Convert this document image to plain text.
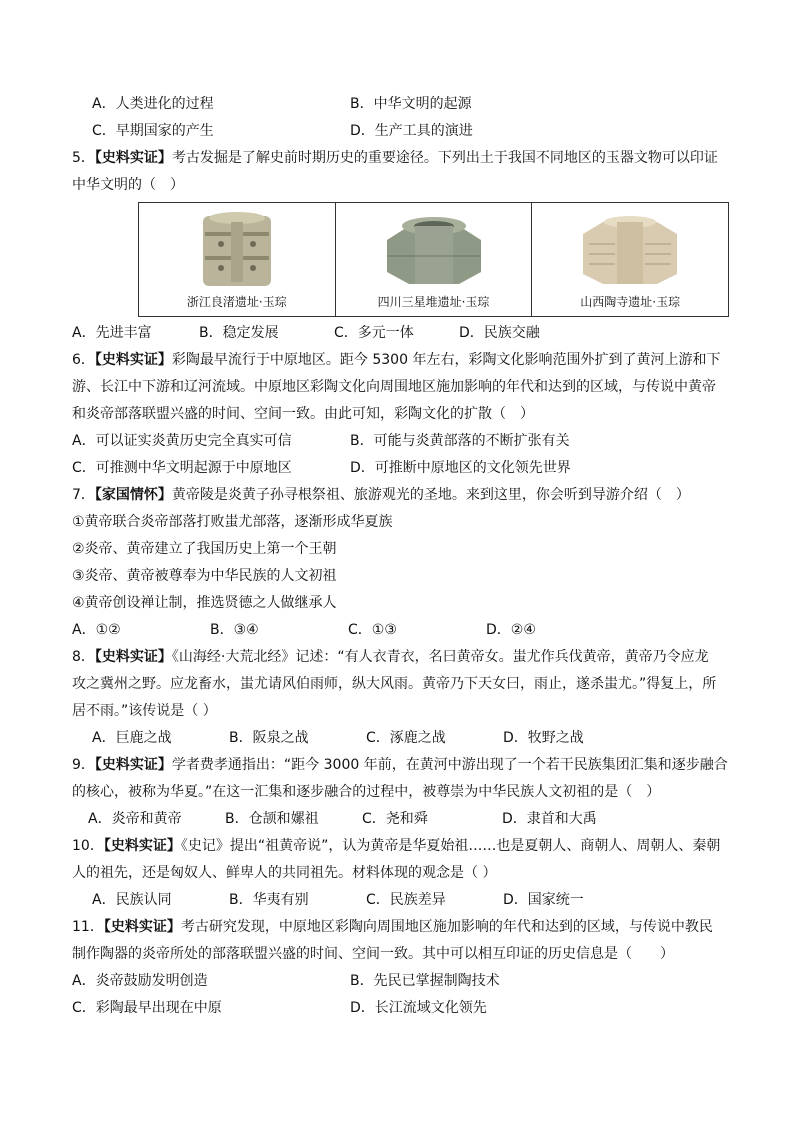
A．人类进化的过程	B．中华文明的起源
C．早期国家的产生	D．生产工具的演进
5．【史料实证】考古发掘是了解史前时期历史的重要途径。下列出土于我国不同地区的玉器文物可以印证
中华文明的（　）
浙江良渚遗址·玉琮	四川三星堆遗址·玉琮	山西陶寺遗址·玉琮
A．先进丰富	B．稳定发展	C．多元一体	D．民族交融
6．【史料实证】彩陶最早流行于中原地区。距今 5300 年左右，彩陶文化影响范围外扩到了黄河上游和下
游、长江中下游和辽河流域。中原地区彩陶文化向周围地区施加影响的年代和达到的区域，与传说中黄帝
和炎帝部落联盟兴盛的时间、空间一致。由此可知，彩陶文化的扩散（　）
A．可以证实炎黄历史完全真实可信	B．可能与炎黄部落的不断扩张有关
C．可推测中华文明起源于中原地区	D．可推断中原地区的文化领先世界
7．【家国情怀】黄帝陵是炎黄子孙寻根祭祖、旅游观光的圣地。来到这里，你会听到导游介绍（　）
①黄帝联合炎帝部落打败蚩尤部落，逐渐形成华夏族
②炎帝、黄帝建立了我国历史上第一个王朝
③炎帝、黄帝被尊奉为中华民族的人文初祖
④黄帝创设禅让制，推选贤德之人做继承人
A．①②	B．③④	C．①③	D．②④
8．【史料实证】《山海经·大荒北经》记述：“有人衣青衣，名曰黄帝女。蚩尤作兵伐黄帝，黄帝乃令应龙
攻之冀州之野。应龙畜水，蚩尤请风伯雨师，纵大风雨。黄帝乃下天女曰，雨止，遂杀蚩尤。”得复上，所
居不雨。”该传说是（ ）
A．巨鹿之战	B．阪泉之战	C．涿鹿之战	D．牧野之战
9．【史料实证】学者费孝通指出：“距今 3000 年前，在黄河中游出现了一个若干民族集团汇集和逐步融合
的核心，被称为华夏。”在这一汇集和逐步融合的过程中，被尊崇为中华民族人文初祖的是（　）
A．炎帝和黄帝	B．仓颉和嫘祖	C．尧和舜	D．隶首和大禹
10．【史料实证】《史记》提出“祖黄帝说”，认为黄帝是华夏始祖……也是夏朝人、商朝人、周朝人、秦朝
人的祖先，还是匈奴人、鲜卑人的共同祖先。材料体现的观念是（ ）
A．民族认同	B．华夷有别	C．民族差异	D．国家统一
11．【史料实证】考古研究发现，中原地区彩陶向周围地区施加影响的年代和达到的区域，与传说中教民
制作陶器的炎帝所处的部落联盟兴盛的时间、空间一致。其中可以相互印证的历史信息是（　　）
A．炎帝鼓励发明创造	B．先民已掌握制陶技术
C．彩陶最早出现在中原	D．长江流域文化领先
